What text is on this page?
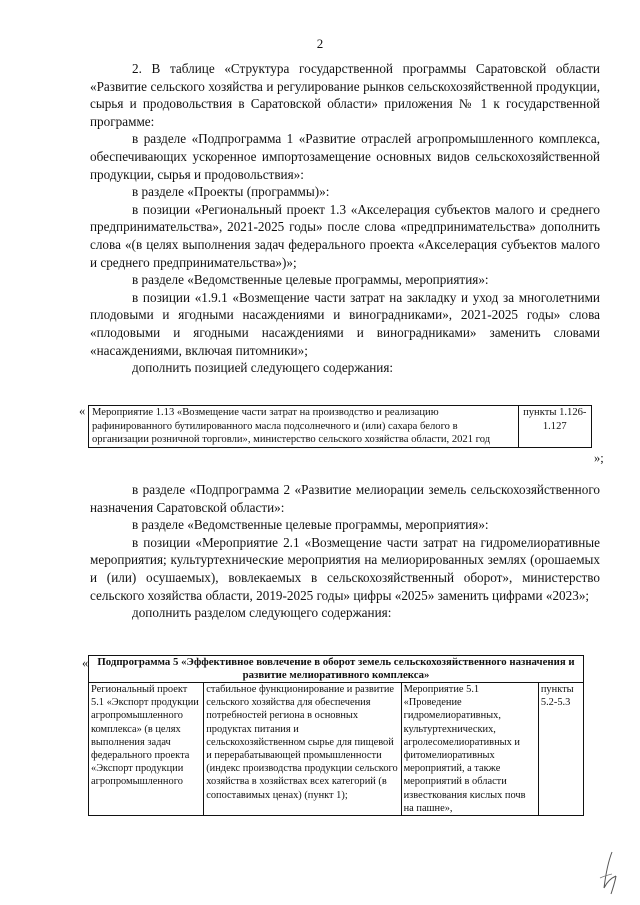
2

2. В таблице «Структура государственной программы Саратовской области «Развитие сельского хозяйства и регулирование рынков сельскохозяйственной продукции, сырья и продовольствия в Саратовской области» приложения № 1 к государственной программе:

в разделе «Подпрограмма 1 «Развитие отраслей агропромышленного комплекса, обеспечивающих ускоренное импортозамещение основных видов сельскохозяйственной продукции, сырья и продовольствия»:

в разделе «Проекты (программы)»:

в позиции «Региональный проект 1.3 «Акселерация субъектов малого и среднего предпринимательства», 2021-2025 годы» после слова «предпринимательства» дополнить слова «(в целях выполнения задач федерального проекта «Акселерация субъектов малого и среднего предпринимательства»)»;

в разделе «Ведомственные целевые программы, мероприятия»:

в позиции «1.9.1 «Возмещение части затрат на закладку и уход за многолетними плодовыми и ягодными насаждениями и виноградниками», 2021-2025 годы» слова «плодовыми и ягодными насаждениями и виноградниками» заменить словами «насаждениями, включая питомники»;

дополнить позицией следующего содержания:

« Мероприятие 1.13 «Возмещение части затрат на производство и реализацию рафинированного бутилированного масла подсолнечного и (или) сахара белого в организации розничной торговли», министерство сельского хозяйства области, 2021 год	пункты 1.126-1.127
»;

в разделе «Подпрограмма 2 «Развитие мелиорации земель сельскохозяйственного назначения Саратовской области»:

в разделе «Ведомственные целевые программы, мероприятия»:

в позиции «Мероприятие 2.1 «Возмещение части затрат на гидромелиоративные мероприятия; культуртехнические мероприятия на мелиорированных землях (орошаемых и (или) осушаемых), вовлекаемых в сельскохозяйственный оборот», министерство сельского хозяйства области, 2019-2025 годы» цифры «2025» заменить цифрами «2023»;

дополнить разделом следующего содержания:

« Подпрограмма 5 «Эффективное вовлечение в оборот земель сельскохозяйственного назначения и развитие мелиоративного комплекса»
Региональный проект 5.1 «Экспорт продукции агропромышленного комплекса» (в целях выполнения задач федерального проекта «Экспорт продукции агропромышленного	стабильное функционирование и развитие сельского хозяйства для обеспечения потребностей региона в основных продуктах питания и сельскохозяйственном сырье для пищевой и перерабатывающей промышленности (индекс производства продукции сельского хозяйства в хозяйствах всех категорий (в сопоставимых ценах) (пункт 1);	Мероприятие 5.1 «Проведение гидромелиоративных, культуртехнических, агролесомелиоративных и фитомелиоративных мероприятий, а также мероприятий в области известкования кислых почв на пашне»,	пункты 5.2-5.3
